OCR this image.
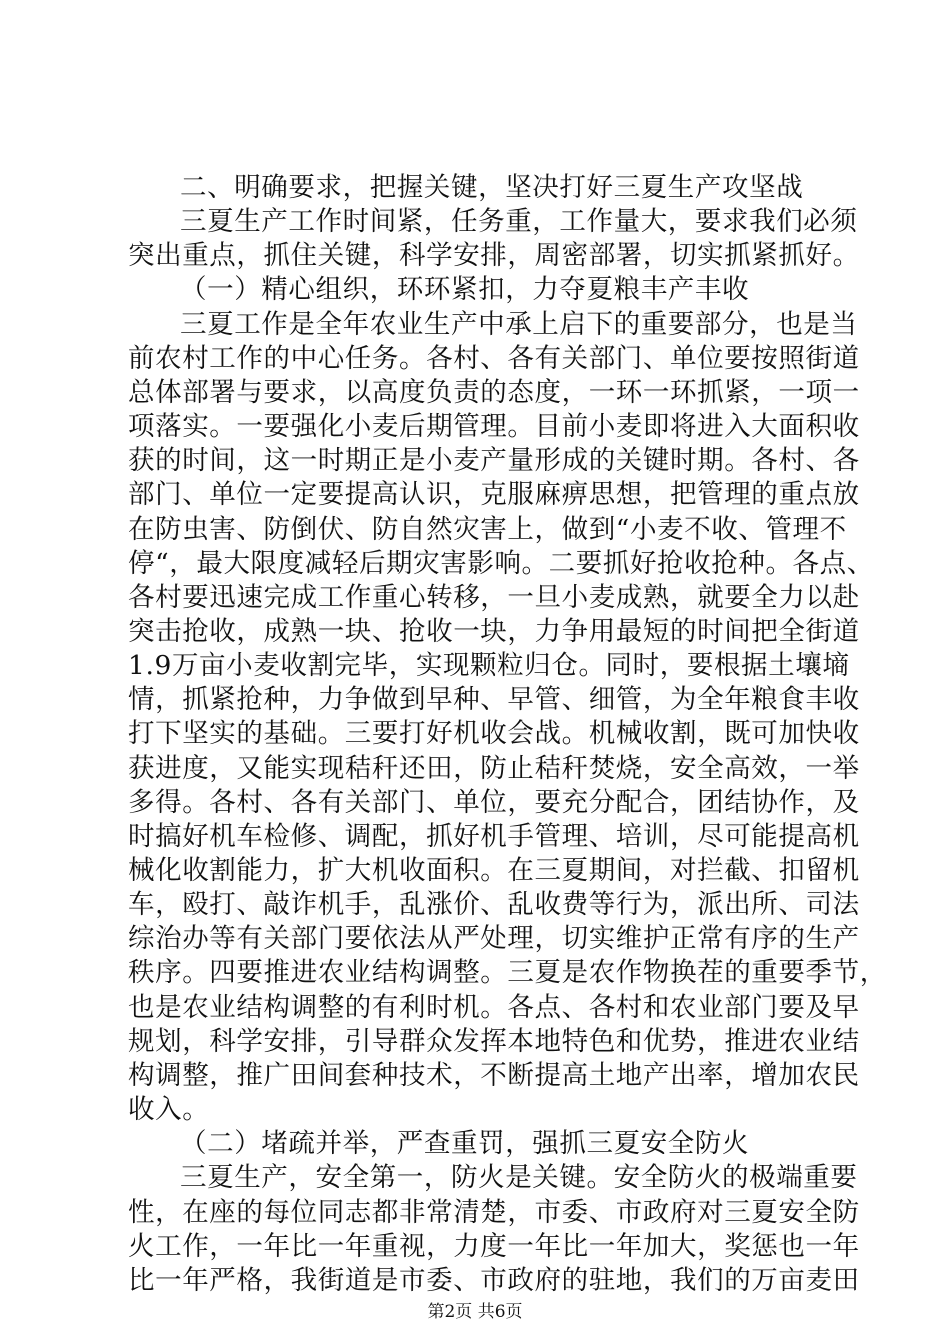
二、明确要求，把握关键，坚决打好三夏生产攻坚战
三夏生产工作时间紧，任务重，工作量大，要求我们必须
突出重点，抓住关键，科学安排，周密部署，切实抓紧抓好。
（一）精心组织，环环紧扣，力夺夏粮丰产丰收
三夏工作是全年农业生产中承上启下的重要部分，也是当
前农村工作的中心任务。各村、各有关部门、单位要按照街道
总体部署与要求，以高度负责的态度，一环一环抓紧，一项一
项落实。一要强化小麦后期管理。目前小麦即将进入大面积收
获的时间，这一时期正是小麦产量形成的关键时期。各村、各
部门、单位一定要提高认识，克服麻痹思想，把管理的重点放
在防虫害、防倒伏、防自然灾害上，做到“小麦不收、管理不
停“，最大限度减轻后期灾害影响。二要抓好抢收抢种。各点、
各村要迅速完成工作重心转移，一旦小麦成熟，就要全力以赴
突击抢收，成熟一块、抢收一块，力争用最短的时间把全街道
1.9万亩小麦收割完毕，实现颗粒归仓。同时，要根据土壤墒
情，抓紧抢种，力争做到早种、早管、细管，为全年粮食丰收
打下坚实的基础。三要打好机收会战。机械收割，既可加快收
获进度，又能实现秸秆还田，防止秸秆焚烧，安全高效，一举
多得。各村、各有关部门、单位，要充分配合，团结协作，及
时搞好机车检修、调配，抓好机手管理、培训，尽可能提高机
械化收割能力，扩大机收面积。在三夏期间，对拦截、扣留机
车，殴打、敲诈机手，乱涨价、乱收费等行为，派出所、司法
综治办等有关部门要依法从严处理，切实维护正常有序的生产
秩序。四要推进农业结构调整。三夏是农作物换茬的重要季节，
也是农业结构调整的有利时机。各点、各村和农业部门要及早
规划，科学安排，引导群众发挥本地特色和优势，推进农业结
构调整，推广田间套种技术，不断提高土地产出率，增加农民
收入。
（二）堵疏并举，严查重罚，强抓三夏安全防火
三夏生产，安全第一，防火是关键。安全防火的极端重要
性，在座的每位同志都非常清楚，市委、市政府对三夏安全防
火工作，一年比一年重视，力度一年比一年加大，奖惩也一年
比一年严格，我街道是市委、市政府的驻地，我们的万亩麦田
第2页 共6页
